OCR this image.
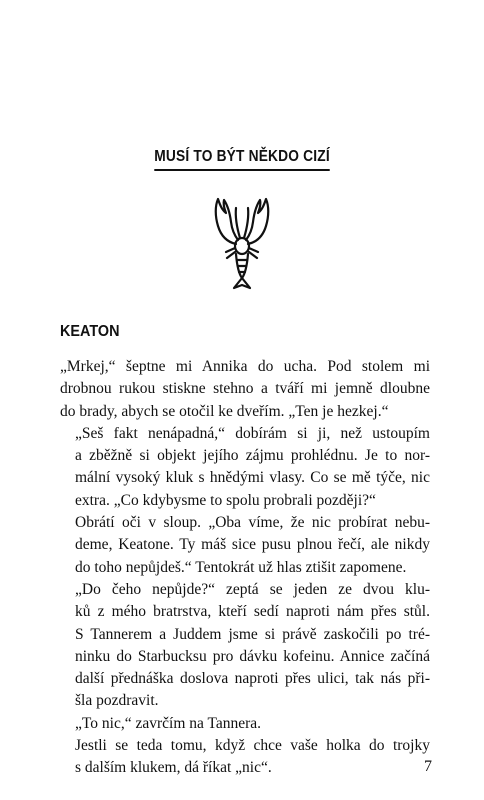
MUSÍ TO BÝT NĚKDO CIZÍ
KEATON

„Mrkej,“ šeptne mi Annika do ucha. Pod stolem mi
drobnou rukou stiskne stehno a tváří mi jemně dloubne
do brady, abych se otočil ke dveřím. „Ten je hezkej.“

„Seš fakt nenápadná,“ dobírám si ji, než ustoupím
a zběžně si objekt jejího zájmu prohlédnu. Je to nor-
mální vysoký kluk s hnědými vlasy. Co se mě týče, nic
extra. „Co kdybysme to spolu probrali později?“

Obrátí oči v sloup. „Oba víme, že nic probírat nebu-
deme, Keatone. Ty máš sice pusu plnou řečí, ale nikdy
do toho nepůjdeš.“ Tentokrát už hlas ztišit zapomene.

„Do čeho nepůjde?“ zeptá se jeden ze dvou klu-
ků z mého bratrstva, kteří sedí naproti nám přes stůl.
S Tannerem a Juddem jsme si právě zaskočili po tré-
ninku do Starbucksu pro dávku kofeinu. Annice začíná
další přednáška doslova naproti přes ulici, tak nás při-
šla pozdravit.

„To nic,“ zavrčím na Tannera.

Jestli se teda tomu, když chce vaše holka do trojky
s dalším klukem, dá říkat „nic“.	7
